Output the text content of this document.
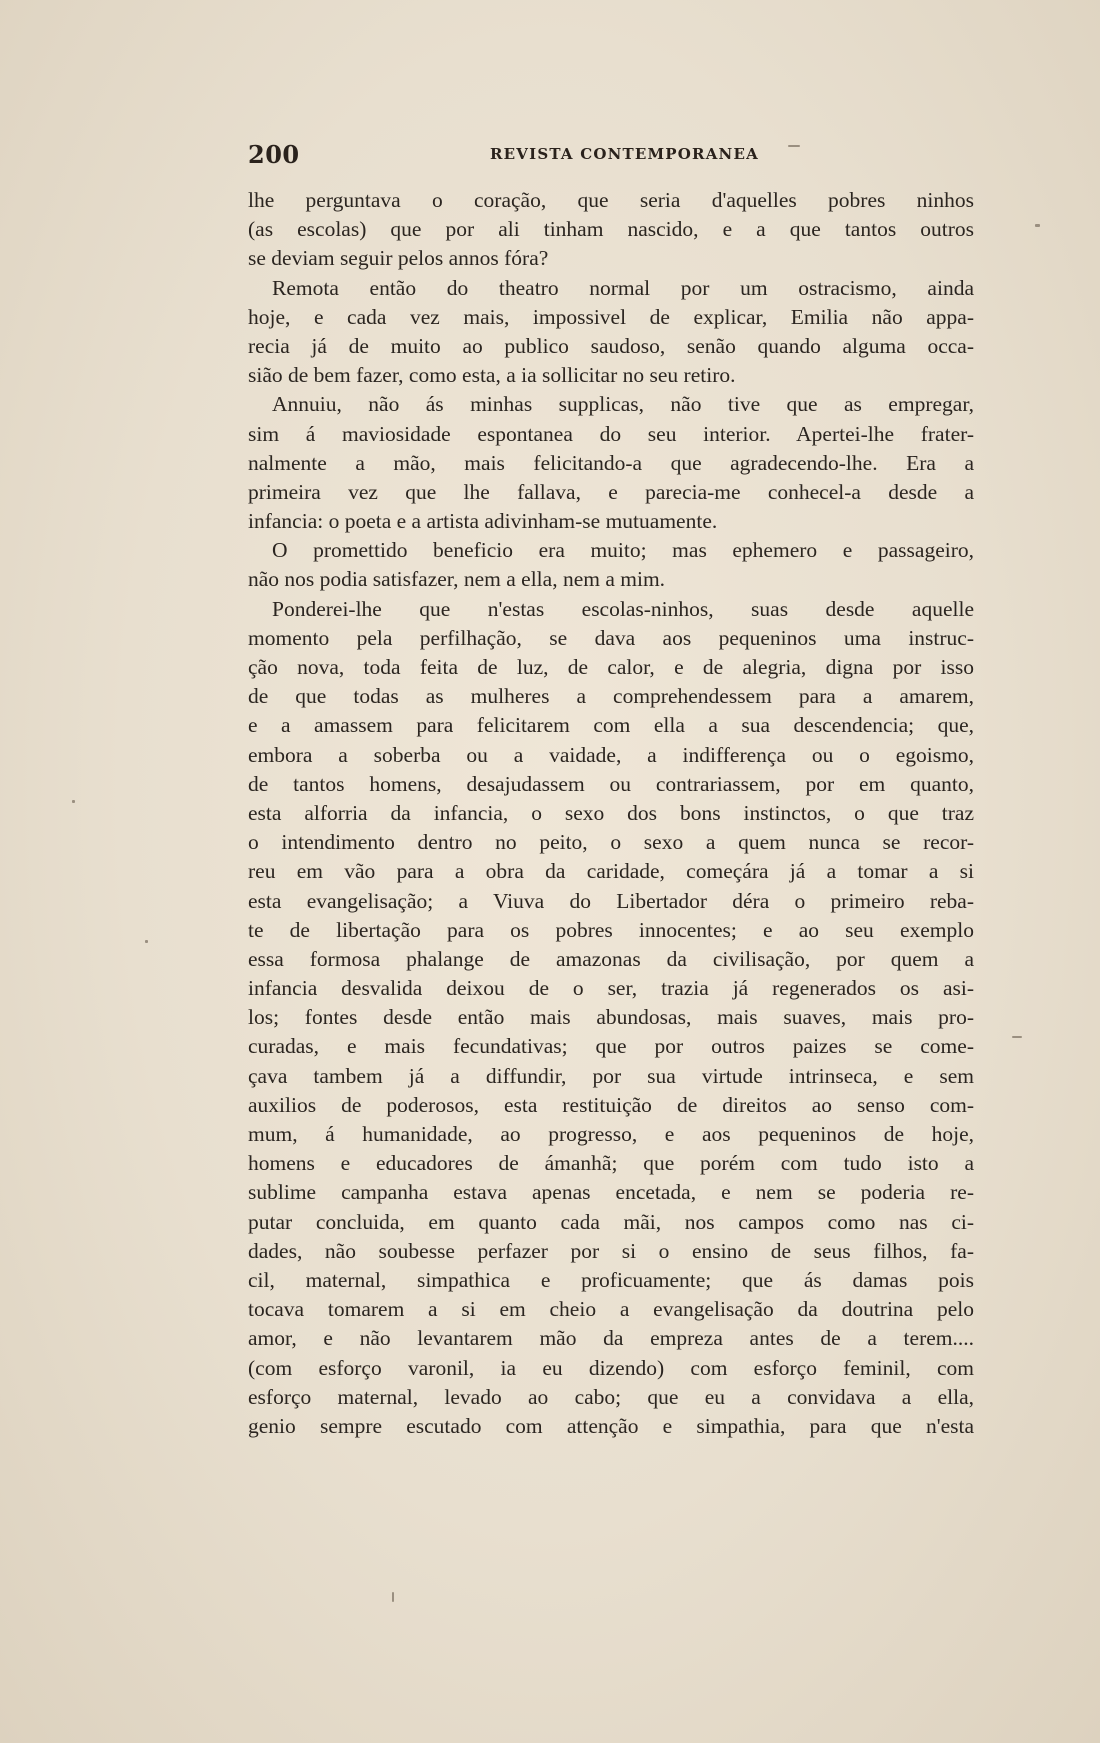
200	REVISTA CONTEMPORANEA
lhe perguntava o coração, que seria d'aquelles pobres ninhos
(as escolas) que por ali tinham nascido, e a que tantos outros
se deviam seguir pelos annos fóra?
Remota então do theatro normal por um ostracismo, ainda
hoje, e cada vez mais, impossivel de explicar, Emilia não appa-
recia já de muito ao publico saudoso, senão quando alguma occa-
sião de bem fazer, como esta, a ia sollicitar no seu retiro.
Annuiu, não ás minhas supplicas, não tive que as empregar,
sim á maviosidade espontanea do seu interior. Apertei-lhe frater-
nalmente a mão, mais felicitando-a que agradecendo-lhe. Era a
primeira vez que lhe fallava, e parecia-me conhecel-a desde a
infancia: o poeta e a artista adivinham-se mutuamente.
O promettido beneficio era muito; mas ephemero e passageiro,
não nos podia satisfazer, nem a ella, nem a mim.
Ponderei-lhe que n'estas escolas-ninhos, suas desde aquelle
momento pela perfilhação, se dava aos pequeninos uma instruc-
ção nova, toda feita de luz, de calor, e de alegria, digna por isso
de que todas as mulheres a comprehendessem para a amarem,
e a amassem para felicitarem com ella a sua descendencia; que,
embora a soberba ou a vaidade, a indifferença ou o egoismo,
de tantos homens, desajudassem ou contrariassem, por em quanto,
esta alforria da infancia, o sexo dos bons instinctos, o que traz
o intendimento dentro no peito, o sexo a quem nunca se recor-
reu em vão para a obra da caridade, começára já a tomar a si
esta evangelisação; a Viuva do Libertador déra o primeiro reba-
te de libertação para os pobres innocentes; e ao seu exemplo
essa formosa phalange de amazonas da civilisação, por quem a
infancia desvalida deixou de o ser, trazia já regenerados os asi-
los; fontes desde então mais abundosas, mais suaves, mais pro-
curadas, e mais fecundativas; que por outros paizes se come-
çava tambem já a diffundir, por sua virtude intrinseca, e sem
auxilios de poderosos, esta restituição de direitos ao senso com-
mum, á humanidade, ao progresso, e aos pequeninos de hoje,
homens e educadores de ámanhã; que porém com tudo isto a
sublime campanha estava apenas encetada, e nem se poderia re-
putar concluida, em quanto cada mãi, nos campos como nas ci-
dades, não soubesse perfazer por si o ensino de seus filhos, fa-
cil, maternal, simpathica e proficuamente; que ás damas pois
tocava tomarem a si em cheio a evangelisação da doutrina pelo
amor, e não levantarem mão da empreza antes de a terem....
(com esforço varonil, ia eu dizendo) com esforço feminil, com
esforço maternal, levado ao cabo; que eu a convidava a ella,
genio sempre escutado com attenção e simpathia, para que n'esta
